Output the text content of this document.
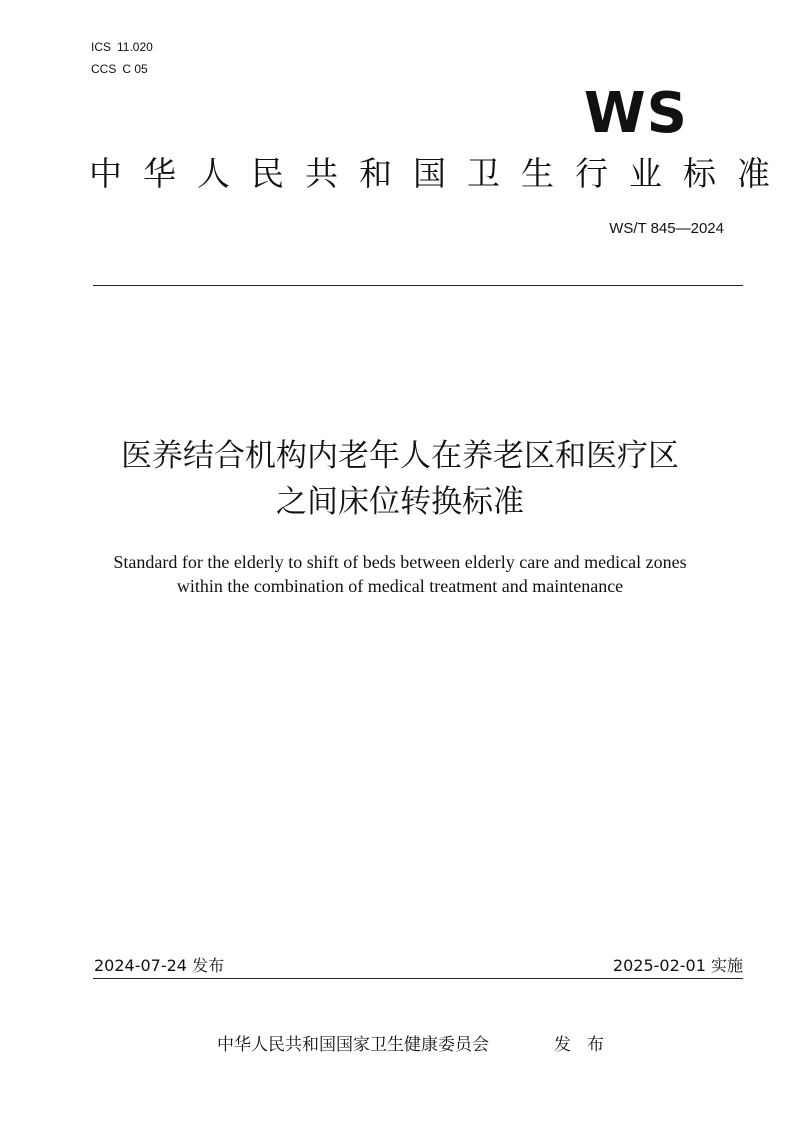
ICS 11.020
CCS C 05
WS
中华人民共和国卫生行业标准
WS/T 845—2024
医养结合机构内老年人在养老区和医疗区
之间床位转换标准
Standard for the elderly to shift of beds between elderly care and medical zones
within the combination of medical treatment and maintenance
2024-07-24 发布	2025-02-01 实施
中华人民共和国国家卫生健康委员会	发布
